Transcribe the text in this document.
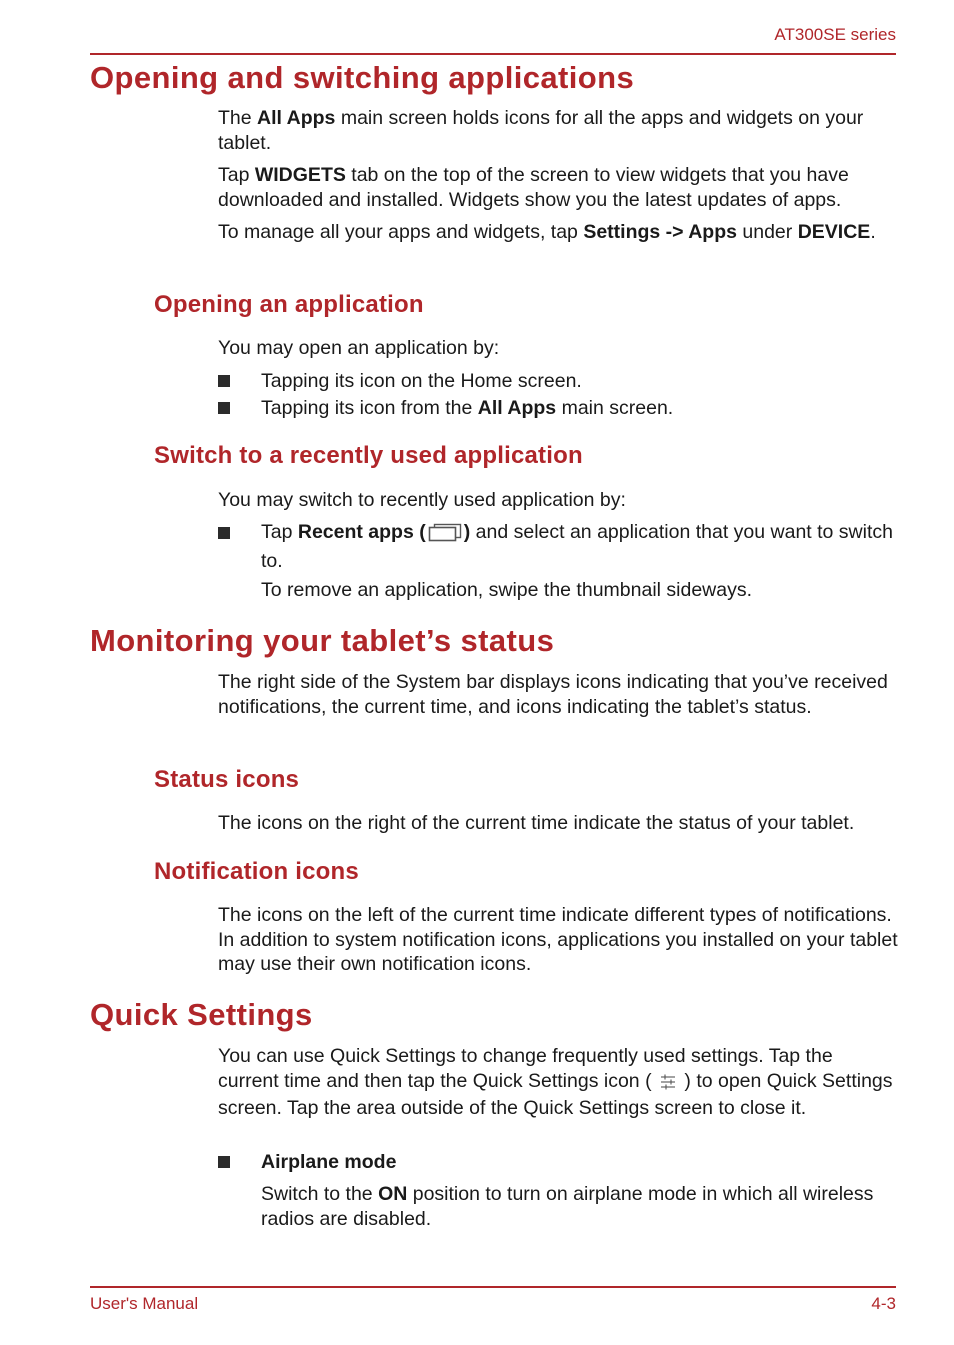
AT300SE series
Opening and switching applications

The All Apps main screen holds icons for all the apps and widgets on your tablet.

Tap WIDGETS tab on the top of the screen to view widgets that you have downloaded and installed. Widgets show you the latest updates of apps.

To manage all your apps and widgets, tap Settings -> Apps under DEVICE.

Opening an application

You may open an application by:

Tapping its icon on the Home screen.

Tapping its icon from the All Apps main screen.

Switch to a recently used application

You may switch to recently used application by:

Tap Recent apps ( ) and select an application that you want to switch to.

To remove an application, swipe the thumbnail sideways.

Monitoring your tablet’s status

The right side of the System bar displays icons indicating that you’ve received notifications, the current time, and icons indicating the tablet’s status.

Status icons

The icons on the right of the current time indicate the status of your tablet.

Notification icons

The icons on the left of the current time indicate different types of notifications. In addition to system notification icons, applications you installed on your tablet may use their own notification icons.

Quick Settings

You can use Quick Settings to change frequently used settings. Tap the current time and then tap the Quick Settings icon (  ) to open Quick Settings screen. Tap the area outside of the Quick Settings screen to close it.

Airplane mode

Switch to the ON position to turn on airplane mode in which all wireless radios are disabled.

User's Manual	4-3
